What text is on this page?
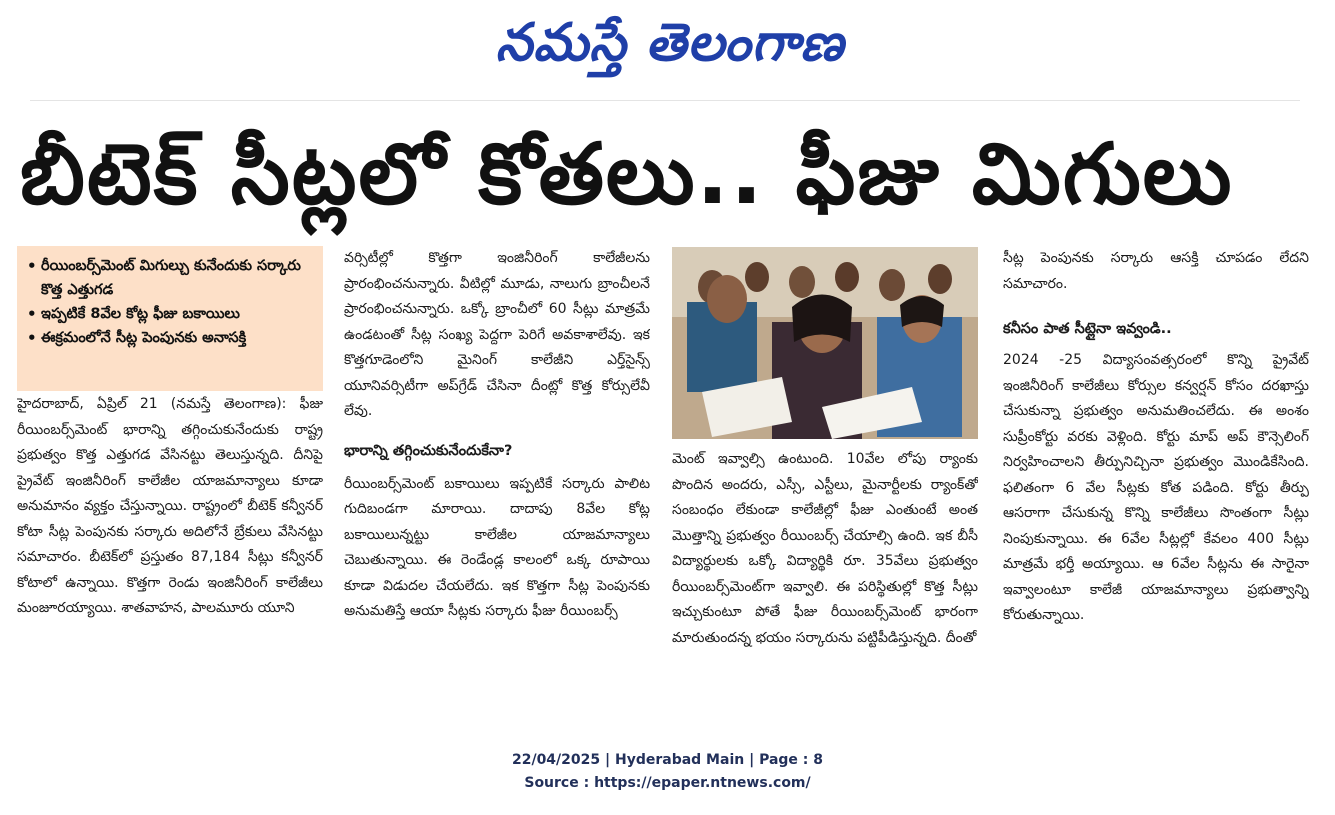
నమస్తే తెలంగాణ
బీటెక్ సీట్లలో కోతలు.. ఫీజు మిగులు
• రీయింబర్స్‌మెంట్ మిగుల్చు కునేందుకు సర్కారు కొత్త ఎత్తుగడ
• ఇప్పటికే 8వేల కోట్ల ఫీజు బకాయిలు
• ఈక్రమంలోనే సీట్ల పెంపునకు అనాసక్తి

హైదరాబాద్, ఏప్రిల్ 21 (నమస్తే తెలంగాణ): ఫీజు రీయింబర్స్‌మెంట్ భారాన్ని తగ్గించుకునేందుకు రాష్ట్ర ప్రభుత్వం కొత్త ఎత్తుగడ వేసినట్టు తెలుస్తున్నది. దీనిపై ప్రైవేట్ ఇంజినీరింగ్ కాలేజీల యాజమాన్యాలు కూడా అనుమానం వ్యక్తం చేస్తున్నాయి. రాష్ట్రంలో బీటెక్ కన్వీనర్ కోటా సీట్ల పెంపునకు సర్కారు అదిలోనే బ్రేకులు వేసినట్టు సమాచారం. బీటెక్‌లో ప్రస్తుతం 87,184 సీట్లు కన్వీనర్ కోటాలో ఉన్నాయి. కొత్తగా రెండు ఇంజినీరింగ్ కాలేజీలు మంజూరయ్యాయి. శాతవాహన, పాలమూరు యూని

వర్సిటీల్లో కొత్తగా ఇంజినీరింగ్ కాలేజీలను ప్రారంభించనున్నారు. వీటిల్లో మూడు, నాలుగు బ్రాంచీలనే ప్రారంభించనున్నారు. ఒక్కో బ్రాంచీలో 60 సీట్లు మాత్రమే ఉండటంతో సీట్ల సంఖ్య పెద్దగా పెరిగే అవకాశాలేవు. ఇక కొత్తగూడెంలోని మైనింగ్ కాలేజీని ఎర్త్‌సైన్స్ యూనివర్సిటీగా అప్‌గ్రేడ్ చేసినా దీంట్లో కొత్త కోర్సులేవీ లేవు.

భారాన్ని తగ్గించుకునేందుకేనా?

రీయింబర్స్‌మెంట్ బకాయిలు ఇప్పటికే సర్కారు పాలిట గుదిబండగా మారాయి. దాదాపు 8వేల కోట్ల బకాయిలున్నట్టు కాలేజీల యాజమాన్యాలు చెబుతున్నాయి. ఈ రెండేండ్ల కాలంలో ఒక్క రూపాయి కూడా విడుదల చేయలేదు. ఇక కొత్తగా సీట్ల పెంపునకు అనుమతిస్తే ఆయా సీట్లకు సర్కారు ఫీజు రీయింబర్స్

మెంట్ ఇవ్వాల్సి ఉంటుంది. 10వేల లోపు ర్యాంకు పొందిన అందరు, ఎస్సీ, ఎస్టీలు, మైనార్టీలకు ర్యాంక్‌తో సంబంధం లేకుండా కాలేజీల్లో ఫీజు ఎంతుంటే అంత మొత్తాన్ని ప్రభుత్వం రీయింబర్స్ చేయాల్సి ఉంది. ఇక బీసీ విద్యార్థులకు ఒక్కో విద్యార్థికి రూ. 35వేలు ప్రభుత్వం రీయింబర్స్‌మెంట్‌గా ఇవ్వాలి. ఈ పరిస్థితుల్లో కొత్త సీట్లు ఇచ్చుకుంటూ పోతే ఫీజు రీయింబర్స్‌మెంట్ భారంగా మారుతుందన్న భయం సర్కారును పట్టిపీడిస్తున్నది. దీంతో

సీట్ల పెంపునకు సర్కారు ఆసక్తి చూపడం లేదని సమాచారం.

కనీసం పాత సీట్లైనా ఇవ్వండి..

2024 -25 విద్యాసంవత్సరంలో కొన్ని ప్రైవేట్ ఇంజినీరింగ్ కాలేజీలు కోర్సుల కన్వర్షన్ కోసం దరఖాస్తు చేసుకున్నా ప్రభుత్వం అనుమతించలేదు. ఈ అంశం సుప్రీంకోర్టు వరకు వెళ్లింది. కోర్టు మాప్ అప్ కౌన్సెలింగ్ నిర్వహించాలని తీర్పునిచ్చినా ప్రభుత్వం మొండికేసింది. ఫలితంగా 6 వేల సీట్లకు కోత పడింది. కోర్టు తీర్పు ఆసరాగా చేసుకున్న కొన్ని కాలేజీలు సొంతంగా సీట్లు నింపుకున్నాయి. ఈ 6వేల సీట్లల్లో కేవలం 400 సీట్లు మాత్రమే భర్తీ అయ్యాయి. ఆ 6వేల సీట్లను ఈ సారైనా ఇవ్వాలంటూ కాలేజీ యాజమాన్యాలు ప్రభుత్వాన్ని కోరుతున్నాయి.

22/04/2025 | Hyderabad Main | Page : 8
Source : https://epaper.ntnews.com/
